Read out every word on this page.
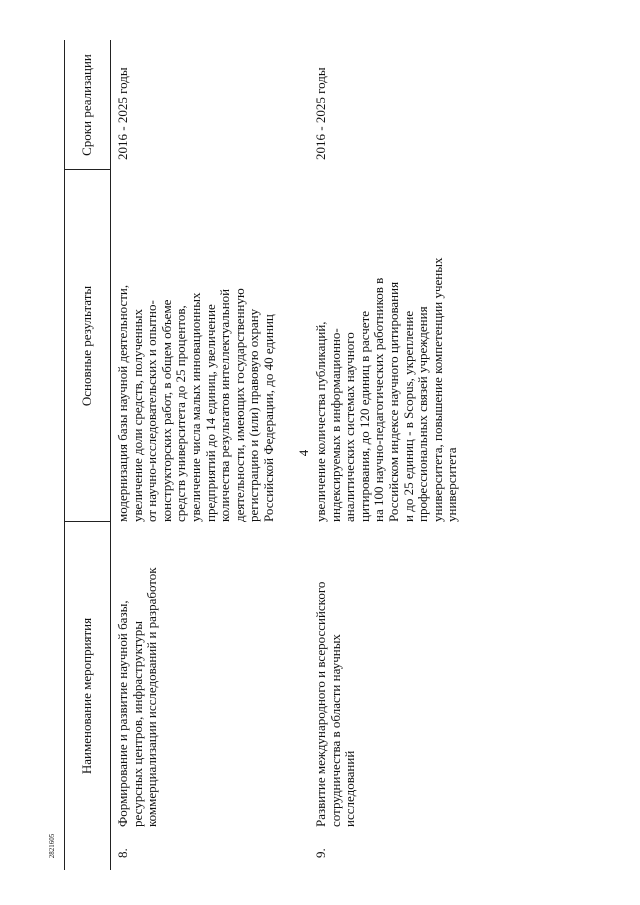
4
2821605
Наименование мероприятия
Основные результаты
Сроки реализации
8.
Формирование и развитие научной базы,
ресурсных центров, инфраструктуры
коммерциализации исследований и разработок
модернизация базы научной деятельности,
увеличение доли средств, полученных
от научно-исследовательских и опытно-
конструкторских работ, в общем объеме
средств университета до 25 процентов,
увеличение числа малых инновационных
предприятий до 14 единиц, увеличение
количества результатов интеллектуальной
деятельности, имеющих государственную
регистрацию и (или) правовую охрану
Российской Федерации, до 40 единиц
2016 - 2025 годы
9.
Развитие международного и всероссийского
сотрудничества в области научных
исследований
увеличение количества публикаций,
индексируемых в информационно-
аналитических системах научного
цитирования, до 120 единиц в расчете
на 100 научно-педагогических работников в
Российском индексе научного цитирования
и до 25 единиц - в Scopus, укрепление
профессиональных связей учреждения
университета, повышение компетенции ученых
университета
2016 - 2025 годы
